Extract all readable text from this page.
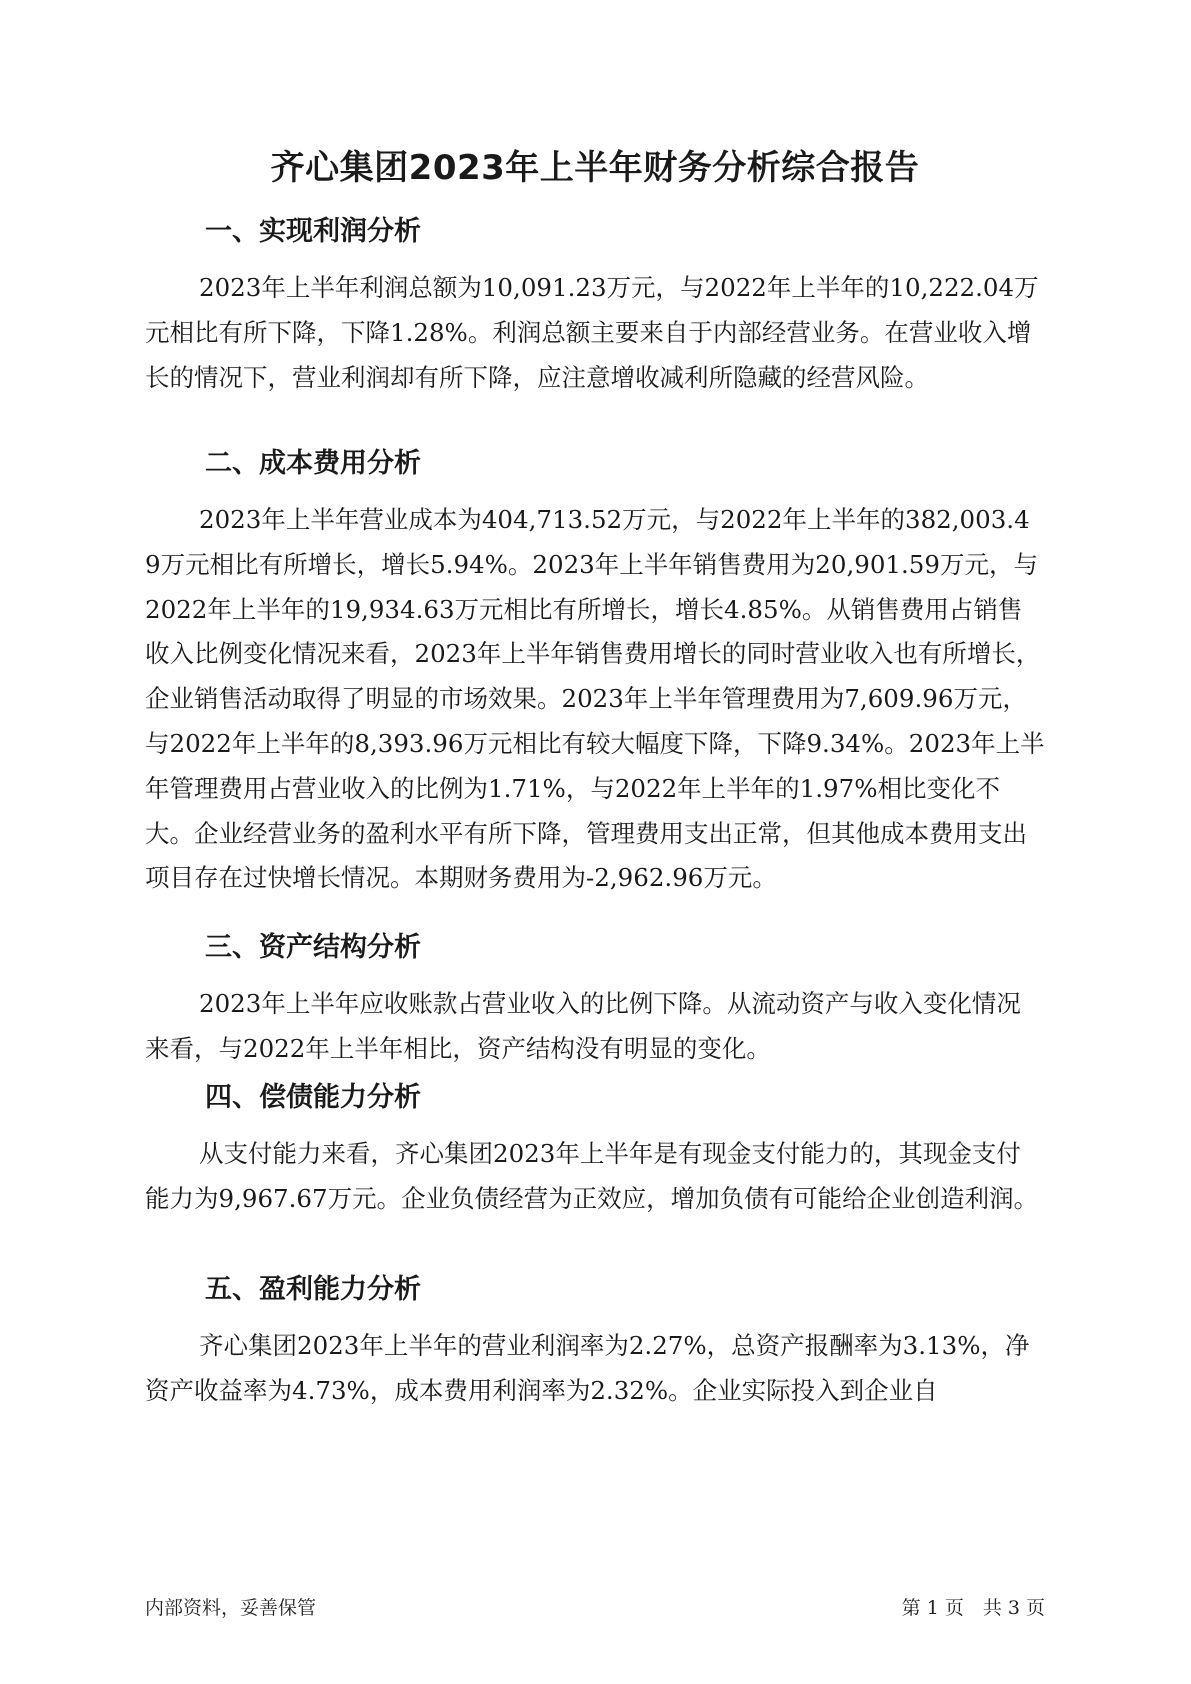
齐心集团2023年上半年财务分析综合报告
一、实现利润分析

2023年上半年利润总额为10,091.23万元，与2022年上半年的10,222.04万元相比有所下降，下降1.28%。利润总额主要来自于内部经营业务。在营业收入增长的情况下，营业利润却有所下降，应注意增收减利所隐藏的经营风险。

二、成本费用分析

2023年上半年营业成本为404,713.52万元，与2022年上半年的382,003.49万元相比有所增长，增长5.94%。2023年上半年销售费用为20,901.59万元，与2022年上半年的19,934.63万元相比有所增长，增长4.85%。从销售费用占销售收入比例变化情况来看，2023年上半年销售费用增长的同时营业收入也有所增长，企业销售活动取得了明显的市场效果。2023年上半年管理费用为7,609.96万元，与2022年上半年的8,393.96万元相比有较大幅度下降，下降9.34%。2023年上半年管理费用占营业收入的比例为1.71%，与2022年上半年的1.97%相比变化不大。企业经营业务的盈利水平有所下降，管理费用支出正常，但其他成本费用支出项目存在过快增长情况。本期财务费用为-2,962.96万元。

三、资产结构分析

2023年上半年应收账款占营业收入的比例下降。从流动资产与收入变化情况来看，与2022年上半年相比，资产结构没有明显的变化。

四、偿债能力分析

从支付能力来看，齐心集团2023年上半年是有现金支付能力的，其现金支付能力为9,967.67万元。企业负债经营为正效应，增加负债有可能给企业创造利润。

五、盈利能力分析

齐心集团2023年上半年的营业利润率为2.27%，总资产报酬率为3.13%，净资产收益率为4.73%，成本费用利润率为2.32%。企业实际投入到企业自

内部资料，妥善保管	第 1 页　共 3 页
